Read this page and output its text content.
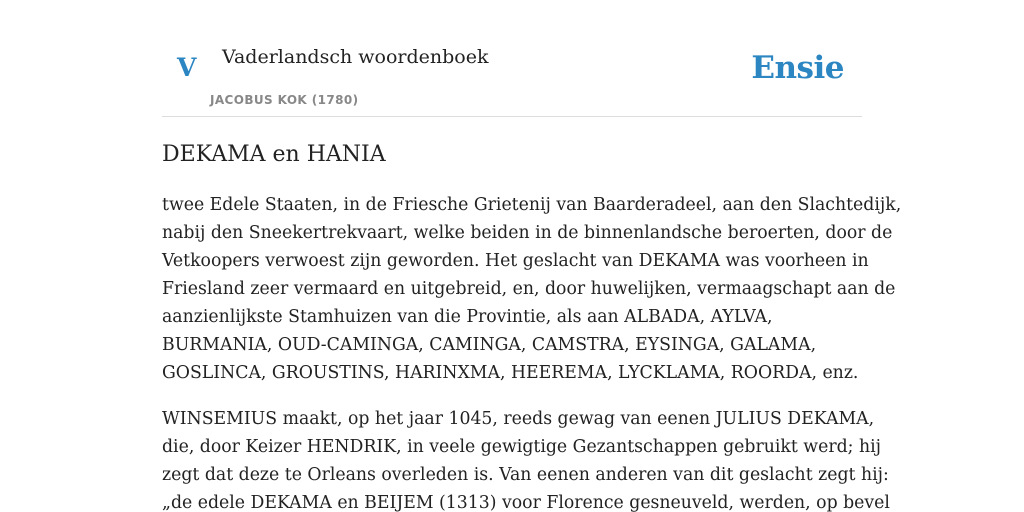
V Vaderlandsch woordenboek
JACOBUS KOK (1780)
Ensie
DEKAMA en HANIA

twee Edele Staaten, in de Friesche Grietenij van Baarderadeel, aan den Slachtedijk,
nabij den Sneekertrekvaart, welke beiden in de binnenlandsche beroerten, door de
Vetkoopers verwoest zijn geworden. Het geslacht van DEKAMA was voorheen in
Friesland zeer vermaard en uitgebreid, en, door huwelijken, vermaagschapt aan de
aanzienlijkste Stamhuizen van die Provintie, als aan ALBADA, AYLVA,
BURMANIA, OUD-CAMINGA, CAMINGA, CAMSTRA, EYSINGA, GALAMA,
GOSLINCA, GROUSTINS, HARINXMA, HEEREMA, LYCKLAMA, ROORDA, enz.

WINSEMIUS maakt, op het jaar 1045, reeds gewag van eenen JULIUS DEKAMA,
die, door Keizer HENDRIK, in veele gewigtige Gezantschappen gebruikt werd; hij
zegt dat deze te Orleans overleden is. Van eenen anderen van dit geslacht zegt hij:
„de edele DEKAMA en BEIJEM (1313) voor Florence gesneuveld, werden, op bevel
